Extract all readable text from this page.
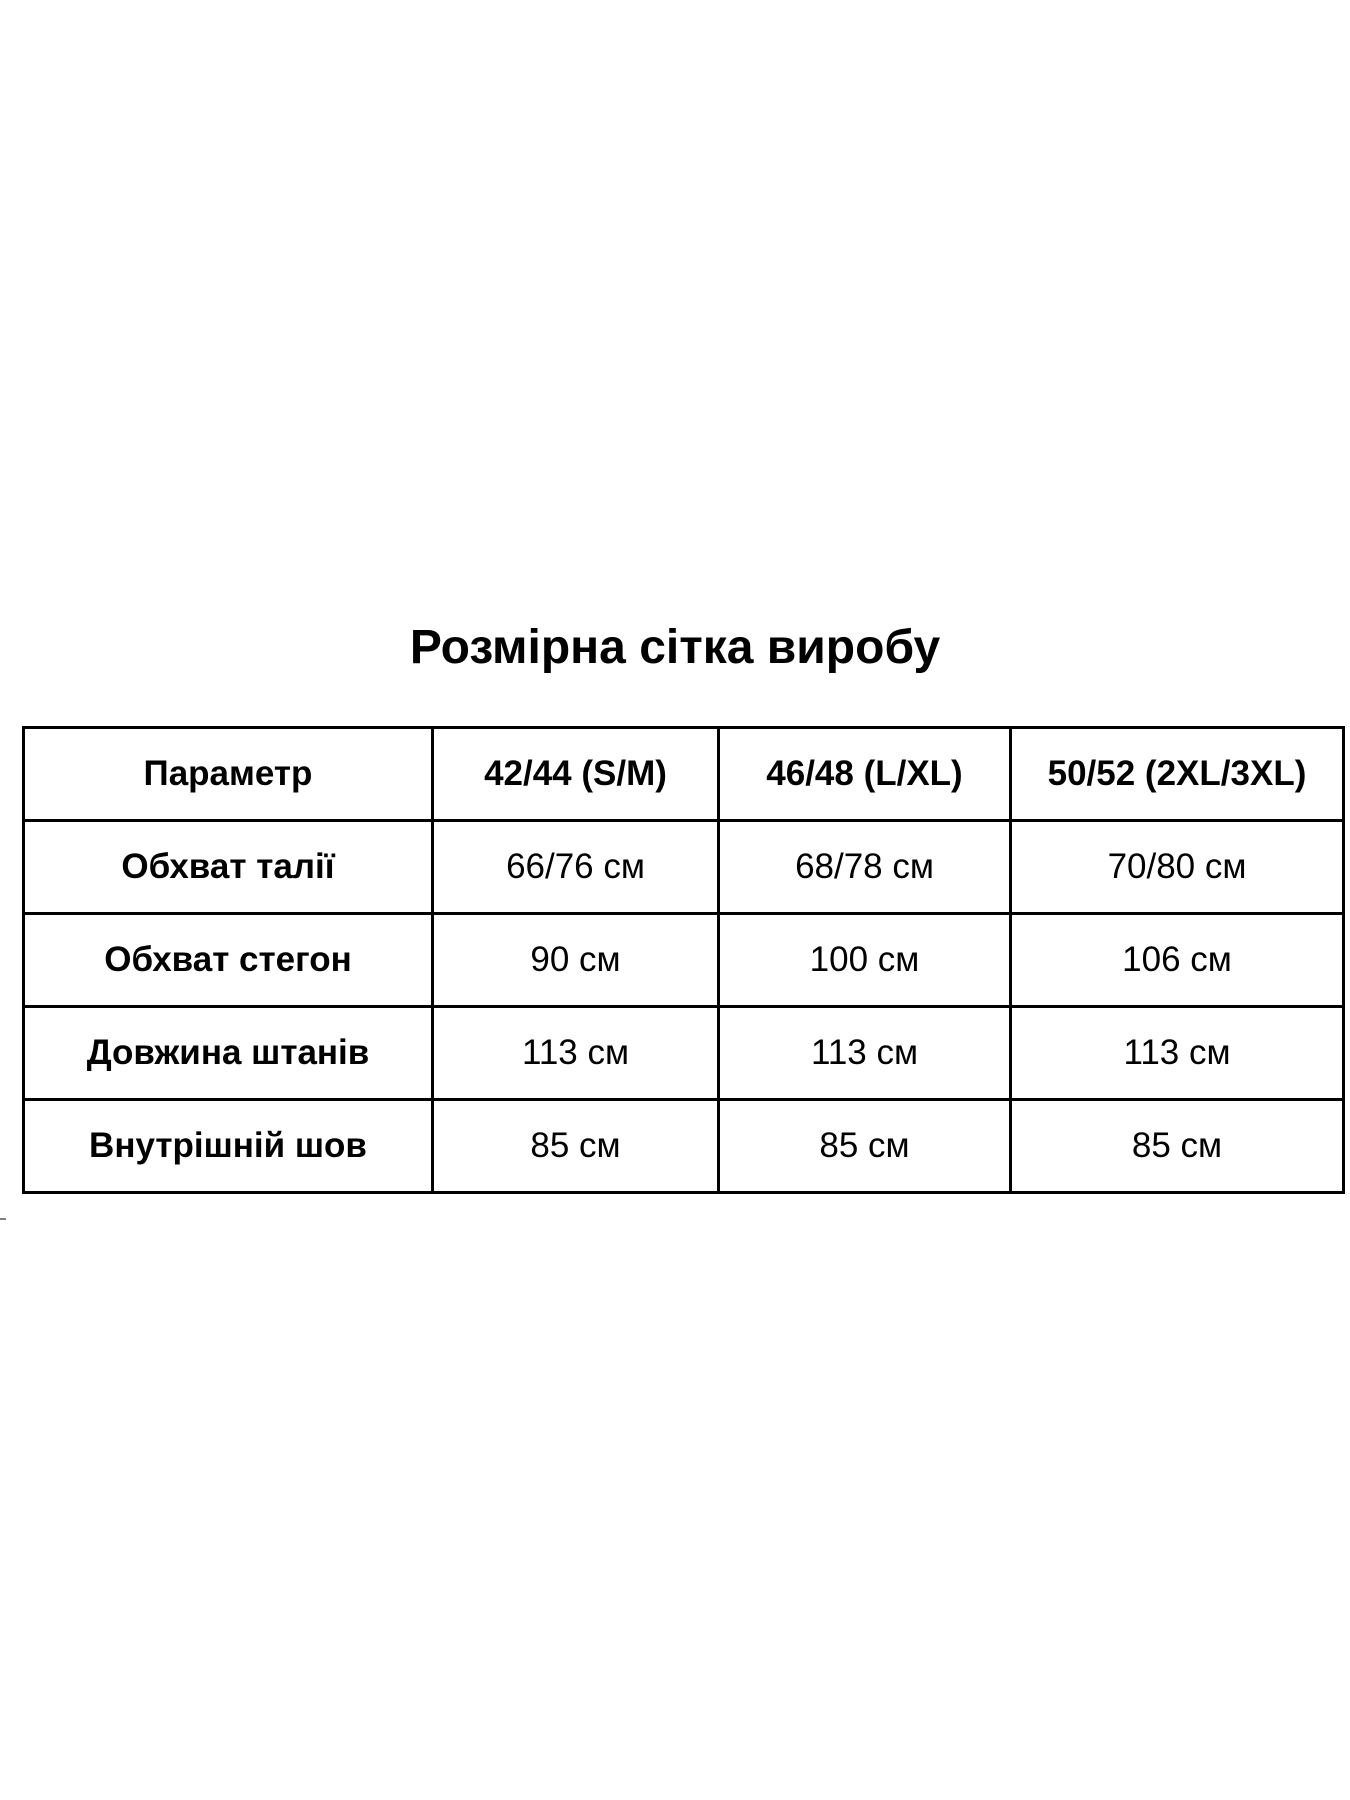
Розмірна сітка виробу
Параметр	42/44 (S/M)	46/48 (L/XL)	50/52 (2XL/3XL)
Обхват талії	66/76 см	68/78 см	70/80 см
Обхват стегон	90 см	100 см	106 см
Довжина штанів	113 см	113 см	113 см
Внутрішній шов	85 см	85 см	85 см
